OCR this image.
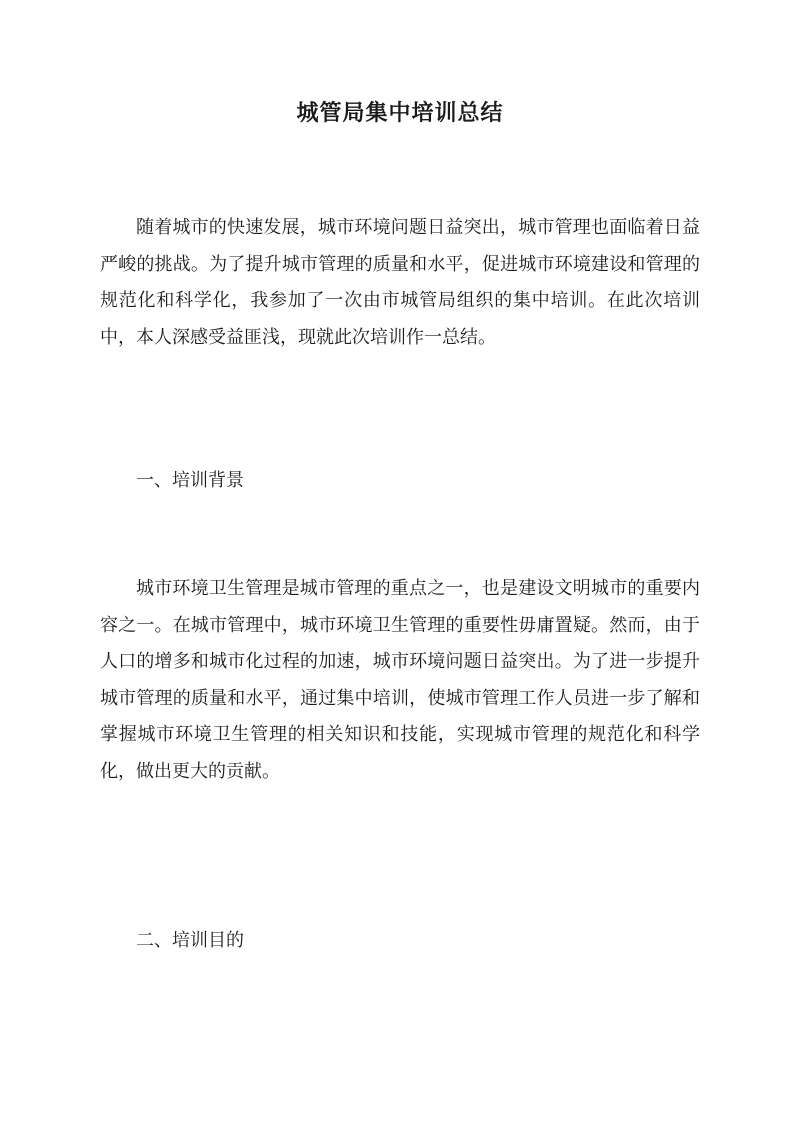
城管局集中培训总结

随着城市的快速发展，城市环境问题日益突出，城市管理也面临着日益严峻的挑战。为了提升城市管理的质量和水平，促进城市环境建设和管理的规范化和科学化，我参加了一次由市城管局组织的集中培训。在此次培训中，本人深感受益匪浅，现就此次培训作一总结。

一、培训背景

城市环境卫生管理是城市管理的重点之一，也是建设文明城市的重要内容之一。在城市管理中，城市环境卫生管理的重要性毋庸置疑。然而，由于人口的增多和城市化过程的加速，城市环境问题日益突出。为了进一步提升城市管理的质量和水平，通过集中培训，使城市管理工作人员进一步了解和掌握城市环境卫生管理的相关知识和技能，实现城市管理的规范化和科学化，做出更大的贡献。

二、培训目的
